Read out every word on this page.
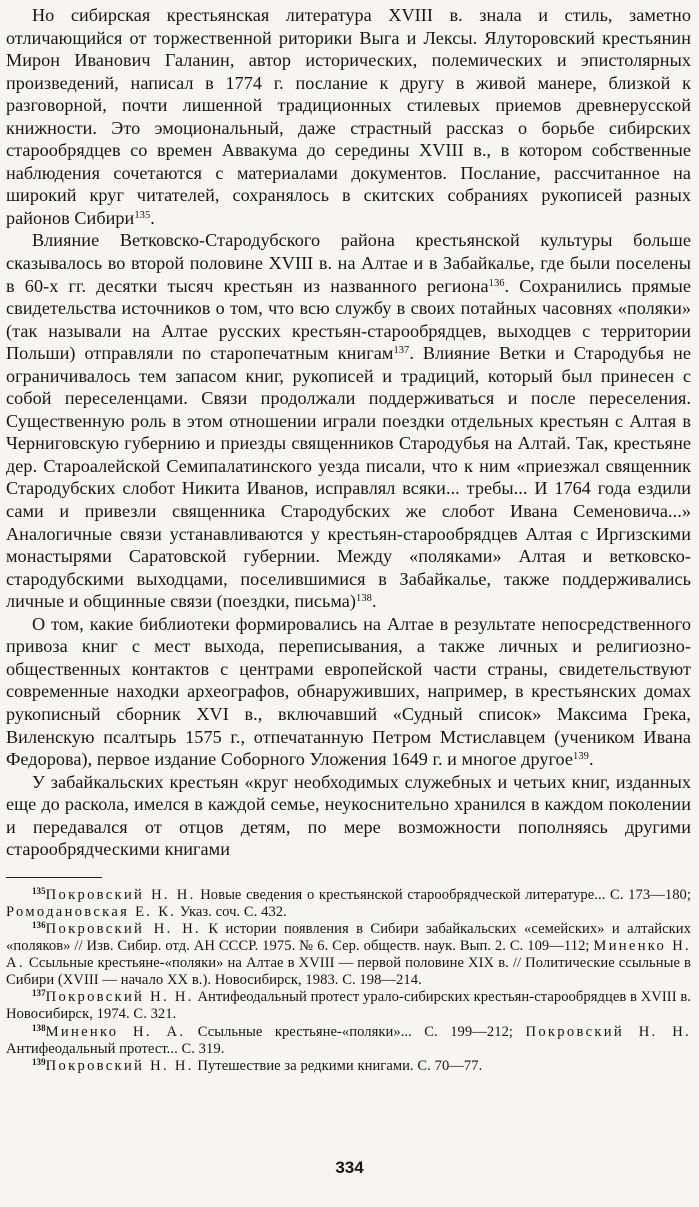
Но сибирская крестьянская литература XVIII в. знала и стиль, заметно отличающийся от торжественной риторики Выга и Лексы. Ялуторовский крестьянин Мирон Иванович Галанин, автор исторических, полемических и эпистолярных произведений, написал в 1774 г. послание к другу в живой манере, близкой к разговорной, почти лишенной традиционных стилевых приемов древнерусской книжности. Это эмоциональный, даже страстный рассказ о борьбе сибирских старообрядцев со времен Аввакума до середины XVIII в., в котором собственные наблюдения сочетаются с материалами документов. Послание, рассчитанное на широкий круг читателей, сохранялось в скитских собраниях рукописей разных районов Сибири$^{135}$.

Влияние Ветковско-Стародубского района крестьянской культуры больше сказывалось во второй половине XVIII в. на Алтае и в Забайкалье, где были поселены в 60-х гг. десятки тысяч крестьян из названного региона$^{136}$. Сохранились прямые свидетельства источников о том, что всю службу в своих потайных часовнях «поляки» (так называли на Алтае русских крестьян-старообрядцев, выходцев с территории Польши) отправляли по старопечатным книгам$^{137}$. Влияние Ветки и Стародубья не ограничивалось тем запасом книг, рукописей и традиций, который был принесен с собой переселенцами. Связи продолжали поддерживаться и после переселения. Существенную роль в этом отношении играли поездки отдельных крестьян с Алтая в Черниговскую губернию и приезды священников Стародубья на Алтай. Так, крестьяне дер. Староалейской Семипалатинского уезда писали, что к ним «приезжал священник Стародубских слобот Никита Иванов, исправлял всяки... требы... И 1764 года ездили сами и привезли священника Стародубских же слобот Ивана Семеновича...» Аналогичные связи устанавливаются у крестьян-старообрядцев Алтая с Иргизскими монастырями Саратовской губернии. Между «поляками» Алтая и ветковско-стародубскими выходцами, поселившимися в Забайкалье, также поддерживались личные и общинные связи (поездки, письма)$^{138}$.

О том, какие библиотеки формировались на Алтае в результате непосредственного привоза книг с мест выхода, переписывания, а также личных и религиозно-общественных контактов с центрами европейской части страны, свидетельствуют современные находки археографов, обнаруживших, например, в крестьянских домах рукописный сборник XVI в., включавший «Судный список» Максима Грека, Виленскую псалтырь 1575 г., отпечатанную Петром Мстиславцем (учеником Ивана Федорова), первое издание Соборного Уложения 1649 г. и многое другое$^{139}$.

У забайкальских крестьян «круг необходимых служебных и четьих книг, изданных еще до раскола, имелся в каждой семье, неукоснительно хранился в каждом поколении и передавался от отцов детям, по мере возможности пополняясь другими старообрядческими книгами

$^{135}$Покровский Н. Н. Новые сведения о крестьянской старообрядческой литературе... С. 173—180; Ромодановская Е. К. Указ. соч. С. 432.

$^{136}$Покровский Н. Н. К истории появления в Сибири забайкальских «семейских» и алтайских «поляков» // Изв. Сибир. отд. АН СССР. 1975. № 6. Сер. обществ. наук. Вып. 2. С. 109—112; Миненко Н. А. Ссыльные крестьяне-«поляки» на Алтае в XVIII — первой половине XIX в. // Политические ссыльные в Сибири (XVIII — начало XX в.). Новосибирск, 1983. С. 198—214.

$^{137}$Покровский Н. Н. Антифеодальный протест урало-сибирских крестьян-старообрядцев в XVIII в. Новосибирск, 1974. С. 321.

$^{138}$Миненко Н. А. Ссыльные крестьяне-«поляки»... С. 199—212; Покровский Н. Н. Антифеодальный протест... С. 319.

$^{139}$Покровский Н. Н. Путешествие за редкими книгами. С. 70—77.

334
